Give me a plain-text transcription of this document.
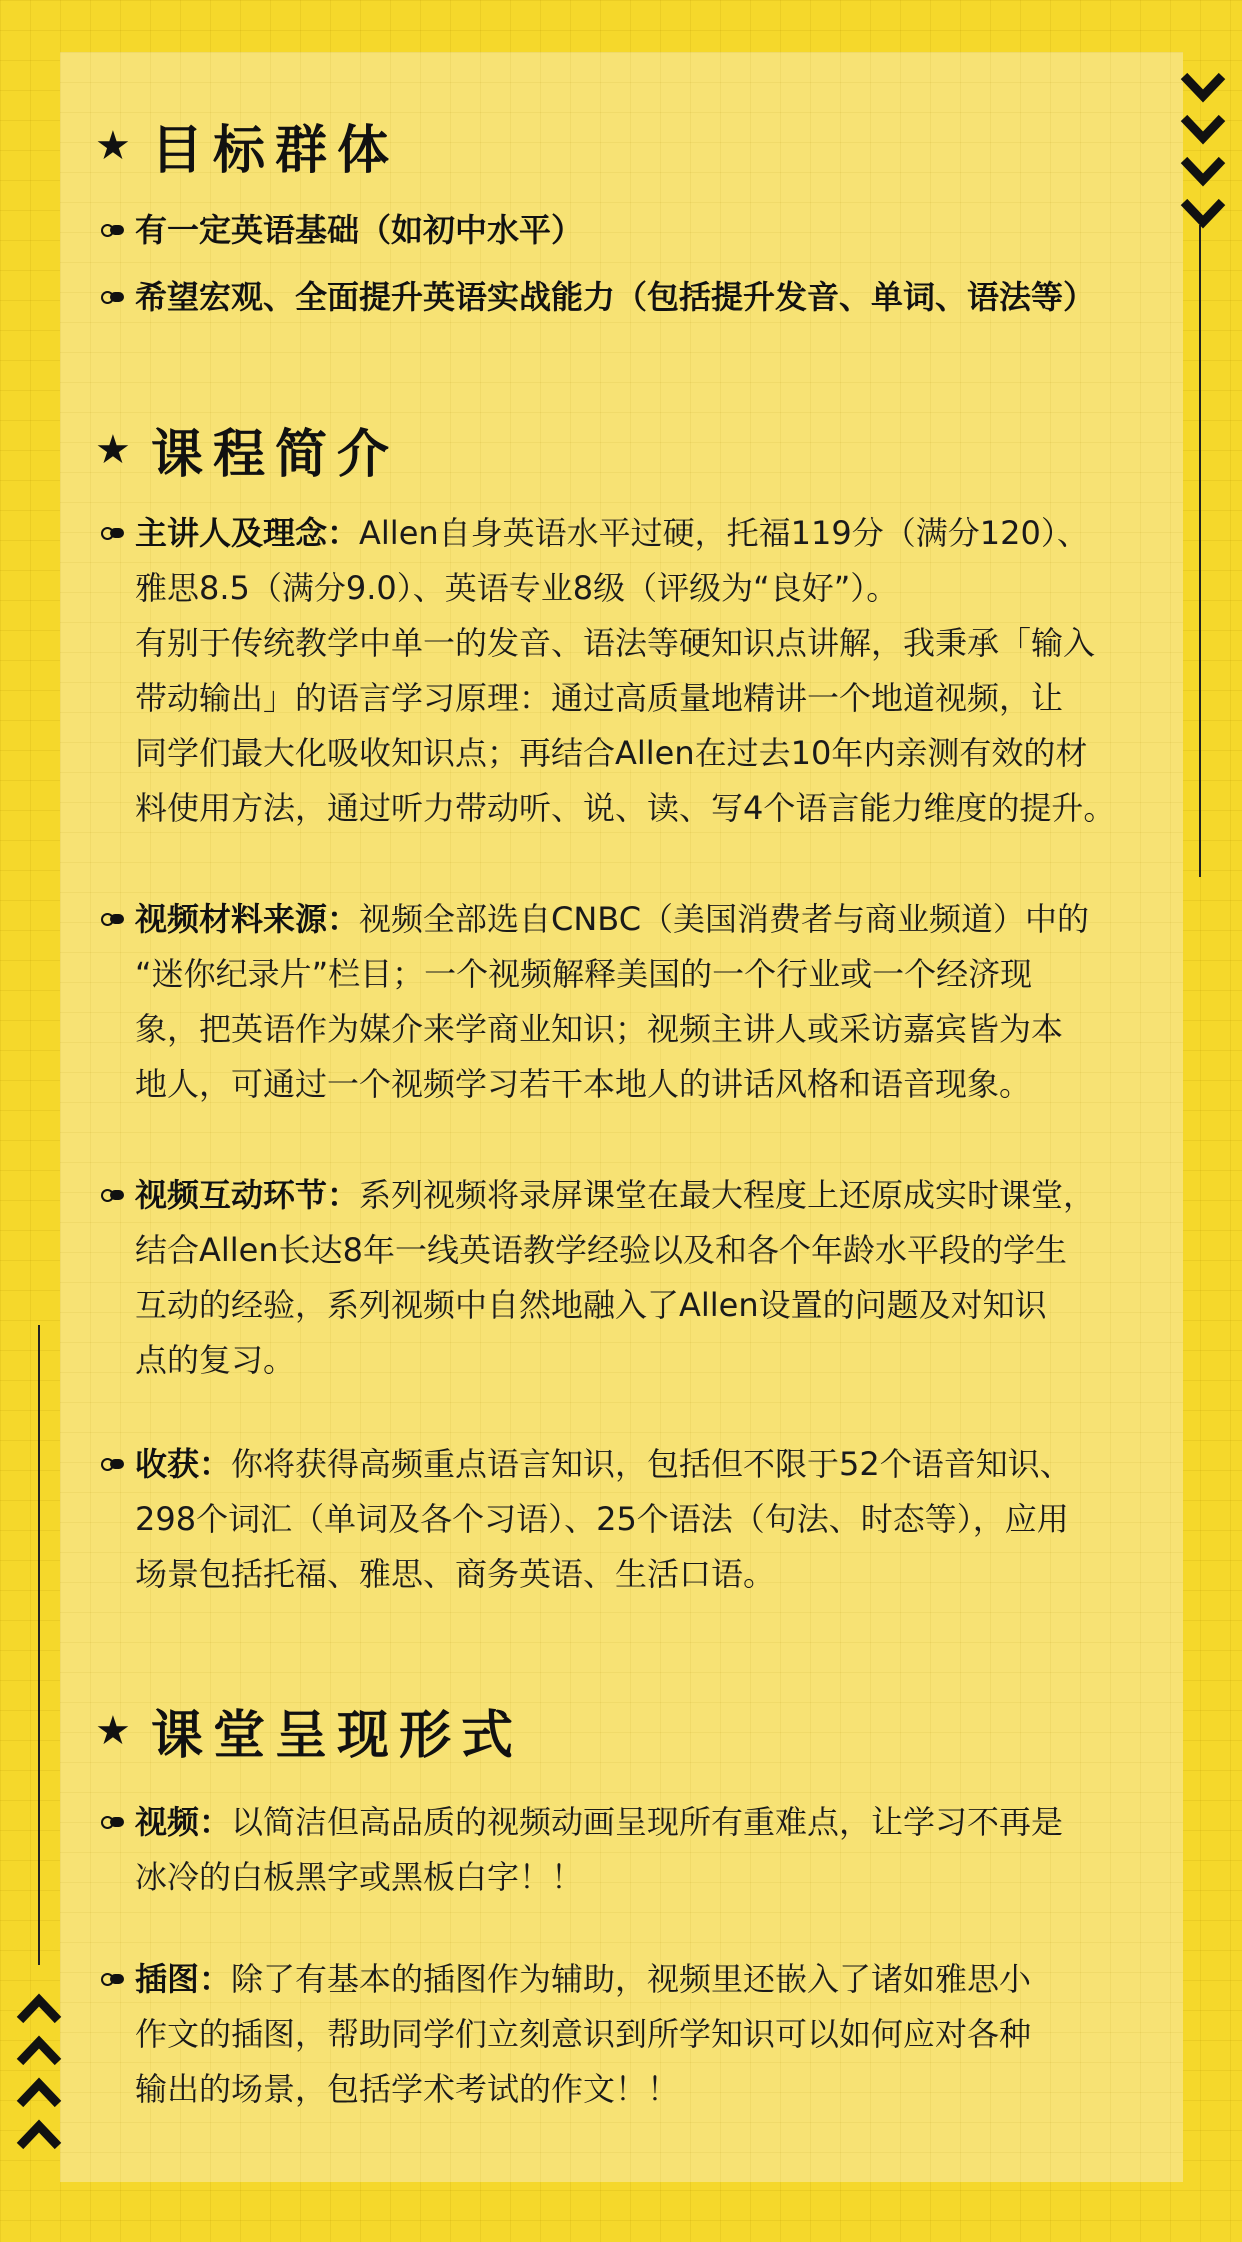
★ 目标群体
有一定英语基础（如初中水平）
希望宏观、全面提升英语实战能力（包括提升发音、单词、语法等）
★ 课程简介

主讲人及理念：Allen自身英语水平过硬，托福119分（满分120）、
雅思8.5（满分9.0）、英语专业8级（评级为“良好”）。
有别于传统教学中单一的发音、语法等硬知识点讲解，我秉承「输入
带动输出」的语言学习原理：通过高质量地精讲一个地道视频，让
同学们最大化吸收知识点；再结合Allen在过去10年内亲测有效的材
料使用方法，通过听力带动听、说、读、写4个语言能力维度的提升。

视频材料来源：视频全部选自CNBC（美国消费者与商业频道）中的
“迷你纪录片”栏目；一个视频解释美国的一个行业或一个经济现
象，把英语作为媒介来学商业知识；视频主讲人或采访嘉宾皆为本
地人，可通过一个视频学习若干本地人的讲话风格和语音现象。

视频互动环节：系列视频将录屏课堂在最大程度上还原成实时课堂，
结合Allen长达8年一线英语教学经验以及和各个年龄水平段的学生
互动的经验，系列视频中自然地融入了Allen设置的问题及对知识
点的复习。

收获：你将获得高频重点语言知识，包括但不限于52个语音知识、
298个词汇（单词及各个习语）、25个语法（句法、时态等），应用
场景包括托福、雅思、商务英语、生活口语。

★ 课堂呈现形式

视频：以简洁但高品质的视频动画呈现所有重难点，让学习不再是
冰冷的白板黑字或黑板白字！！

插图：除了有基本的插图作为辅助，视频里还嵌入了诸如雅思小
作文的插图，帮助同学们立刻意识到所学知识可以如何应对各种
输出的场景，包括学术考试的作文！！
